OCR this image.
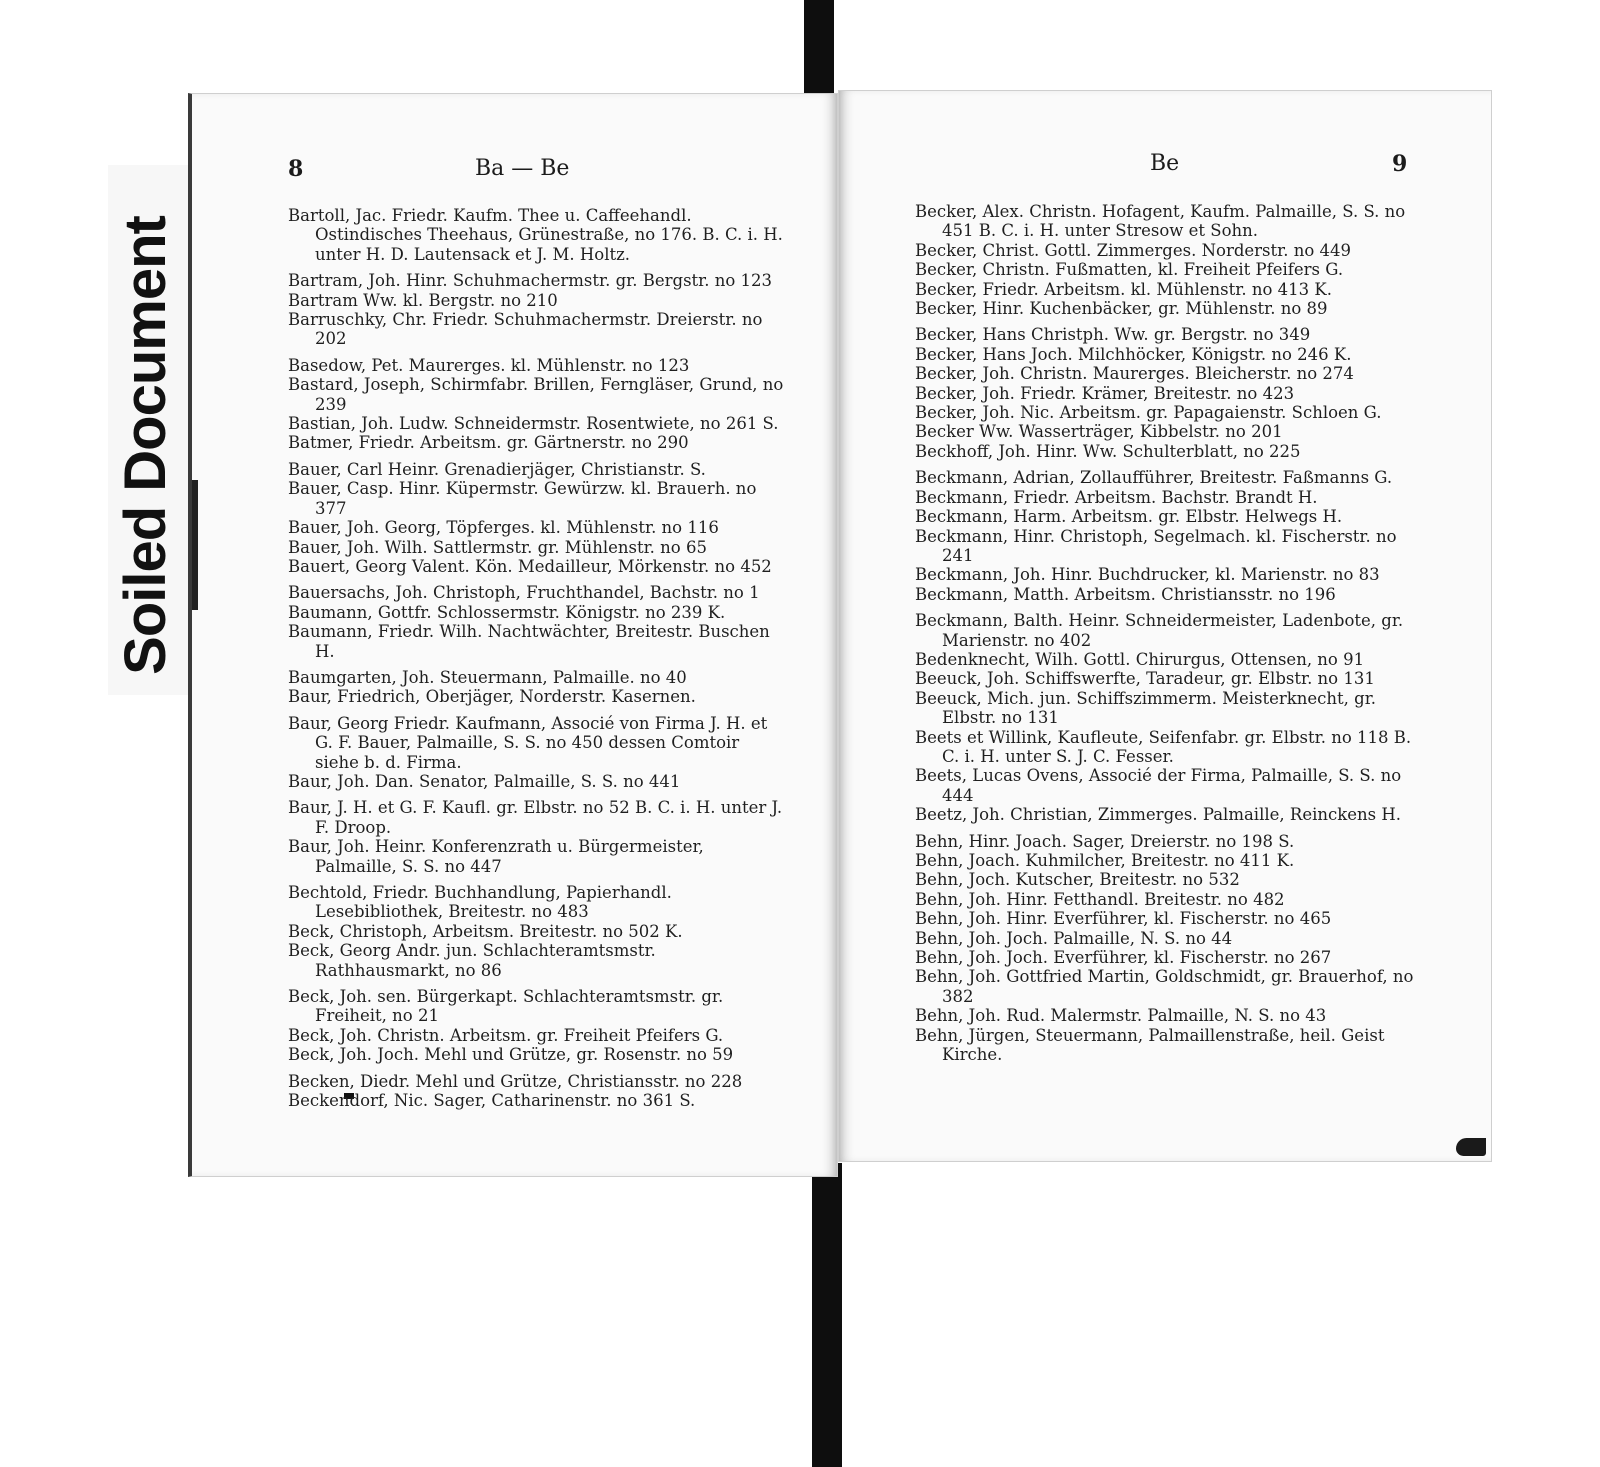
Soiled Document
8	Ba — Be	Be	9

Bartoll, Jac. Friedr. Kaufm. Thee u. Caffeehandl. Ostindisches Theehaus, Grünestraße, no 176. B. C. i. H. unter H. D. Lautensack et J. M. Holtz.

Bartram, Joh. Hinr. Schuhmachermstr. gr. Bergstr. no 123

Bartram Ww. kl. Bergstr. no 210

Barruschky, Chr. Friedr. Schuhmachermstr. Dreierstr. no 202

Basedow, Pet. Maurerges. kl. Mühlenstr. no 123

Bastard, Joseph, Schirmfabr. Brillen, Ferngläser, Grund, no 239

Bastian, Joh. Ludw. Schneidermstr. Rosentwiete, no 261 S.

Batmer, Friedr. Arbeitsm. gr. Gärtnerstr. no 290

Bauer, Carl Heinr. Grenadierjäger, Christianstr. S.

Bauer, Casp. Hinr. Küpermstr. Gewürzw. kl. Brauerh. no 377

Bauer, Joh. Georg, Töpferges. kl. Mühlenstr. no 116

Bauer, Joh. Wilh. Sattlermstr. gr. Mühlenstr. no 65

Bauert, Georg Valent. Kön. Medailleur, Mörkenstr. no 452

Bauersachs, Joh. Christoph, Fruchthandel, Bachstr. no 1

Baumann, Gottfr. Schlossermstr. Königstr. no 239 K.

Baumann, Friedr. Wilh. Nachtwächter, Breitestr. Buschen H.

Baumgarten, Joh. Steuermann, Palmaille. no 40

Baur, Friedrich, Oberjäger, Norderstr. Kasernen.

Baur, Georg Friedr. Kaufmann, Associé von Firma J. H. et G. F. Bauer, Palmaille, S. S. no 450 dessen Comtoir siehe b. d. Firma.

Baur, Joh. Dan. Senator, Palmaille, S. S. no 441

Baur, J. H. et G. F. Kaufl. gr. Elbstr. no 52 B. C. i. H. unter J. F. Droop.

Baur, Joh. Heinr. Konferenzrath u. Bürgermeister, Palmaille, S. S. no 447

Bechtold, Friedr. Buchhandlung, Papierhandl. Lesebibliothek, Breitestr. no 483

Beck, Christoph, Arbeitsm. Breitestr. no 502 K.

Beck, Georg Andr. jun. Schlachteramtsmstr. Rathhausmarkt, no 86

Beck, Joh. sen. Bürgerkapt. Schlachteramtsmstr. gr. Freiheit, no 21

Beck, Joh. Christn. Arbeitsm. gr. Freiheit Pfeifers G.

Beck, Joh. Joch. Mehl und Grütze, gr. Rosenstr. no 59

Becken, Diedr. Mehl und Grütze, Christiansstr. no 228

Beckendorf, Nic. Sager, Catharinenstr. no 361 S.

Becker, Alex. Christn. Hofagent, Kaufm. Palmaille, S. S. no 451 B. C. i. H. unter Stresow et Sohn.

Becker, Christ. Gottl. Zimmerges. Norderstr. no 449

Becker, Christn. Fußmatten, kl. Freiheit Pfeifers G.

Becker, Friedr. Arbeitsm. kl. Mühlenstr. no 413 K.

Becker, Hinr. Kuchenbäcker, gr. Mühlenstr. no 89

Becker, Hans Christph. Ww. gr. Bergstr. no 349

Becker, Hans Joch. Milchhöcker, Königstr. no 246 K.

Becker, Joh. Christn. Maurerges. Bleicherstr. no 274

Becker, Joh. Friedr. Krämer, Breitestr. no 423

Becker, Joh. Nic. Arbeitsm. gr. Papagaienstr. Schloen G.

Becker Ww. Wasserträger, Kibbelstr. no 201

Beckhoff, Joh. Hinr. Ww. Schulterblatt, no 225

Beckmann, Adrian, Zollaufführer, Breitestr. Faßmanns G.

Beckmann, Friedr. Arbeitsm. Bachstr. Brandt H.

Beckmann, Harm. Arbeitsm. gr. Elbstr. Helwegs H.

Beckmann, Hinr. Christoph, Segelmach. kl. Fischerstr. no 241

Beckmann, Joh. Hinr. Buchdrucker, kl. Marienstr. no 83

Beckmann, Matth. Arbeitsm. Christiansstr. no 196

Beckmann, Balth. Heinr. Schneidermeister, Ladenbote, gr. Marienstr. no 402

Bedenknecht, Wilh. Gottl. Chirurgus, Ottensen, no 91

Beeuck, Joh. Schiffswerfte, Taradeur, gr. Elbstr. no 131

Beeuck, Mich. jun. Schiffszimmerm. Meisterknecht, gr. Elbstr. no 131

Beets et Willink, Kaufleute, Seifenfabr. gr. Elbstr. no 118 B. C. i. H. unter S. J. C. Fesser.

Beets, Lucas Ovens, Associé der Firma, Palmaille, S. S. no 444

Beetz, Joh. Christian, Zimmerges. Palmaille, Reinckens H.

Behn, Hinr. Joach. Sager, Dreierstr. no 198 S.

Behn, Joach. Kuhmilcher, Breitestr. no 411 K.

Behn, Joch. Kutscher, Breitestr. no 532

Behn, Joh. Hinr. Fetthandl. Breitestr. no 482

Behn, Joh. Hinr. Everführer, kl. Fischerstr. no 465

Behn, Joh. Joch. Palmaille, N. S. no 44

Behn, Joh. Joch. Everführer, kl. Fischerstr. no 267

Behn, Joh. Gottfried Martin, Goldschmidt, gr. Brauerhof, no 382

Behn, Joh. Rud. Malermstr. Palmaille, N. S. no 43

Behn, Jürgen, Steuermann, Palmaillenstraße, heil. Geist Kirche.
